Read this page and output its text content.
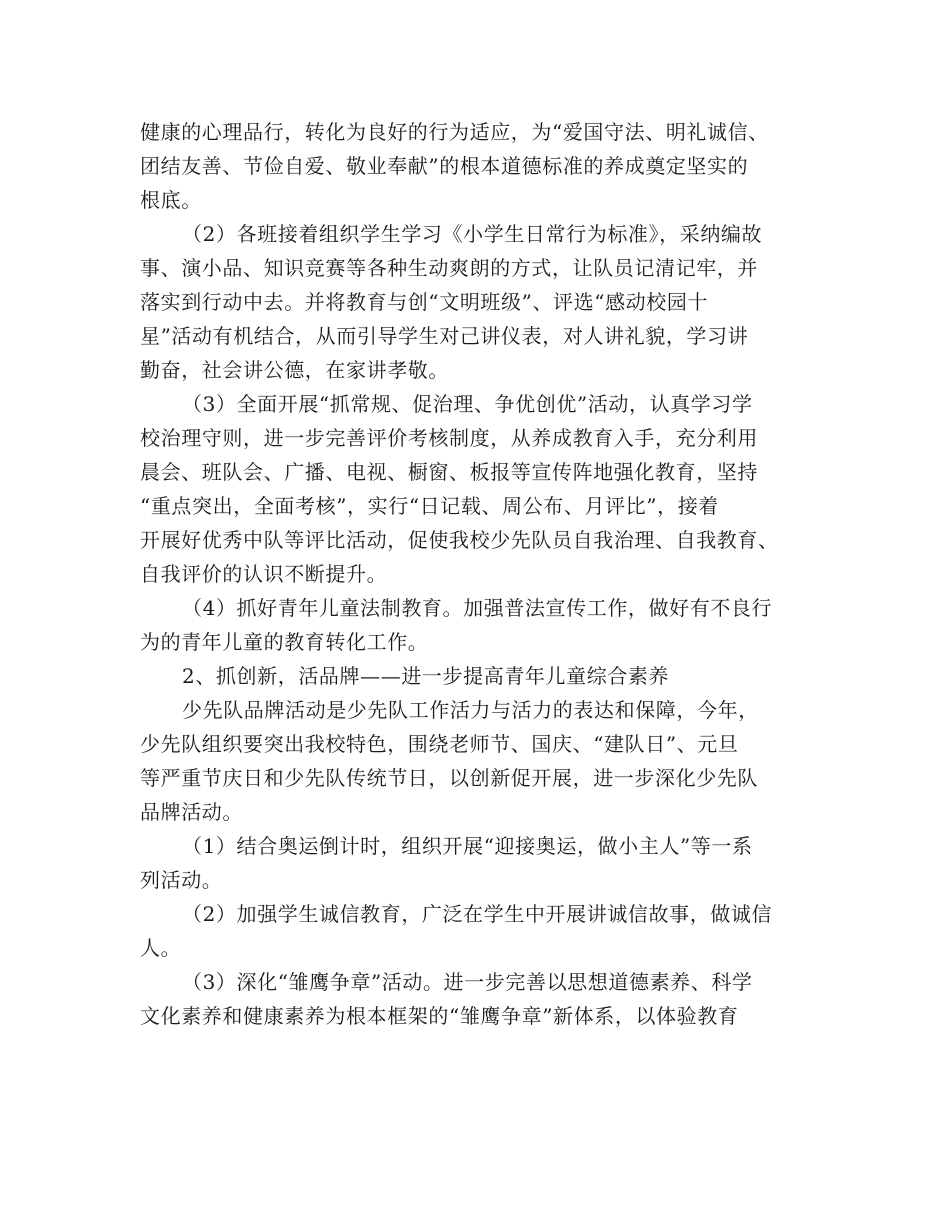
健康的心理品行，转化为良好的行为适应，为“爱国守法、明礼诚信、

团结友善、节俭自爱、敬业奉献”的根本道德标准的养成奠定坚实的

根底。

（2）各班接着组织学生学习《小学生日常行为标准》，采纳编故

事、演小品、知识竞赛等各种生动爽朗的方式，让队员记清记牢，并

落实到行动中去。并将教育与创“文明班级”、评选“感动校园十

星”活动有机结合，从而引导学生对己讲仪表，对人讲礼貌，学习讲

勤奋，社会讲公德，在家讲孝敬。

（3）全面开展“抓常规、促治理、争优创优”活动，认真学习学

校治理守则，进一步完善评价考核制度，从养成教育入手，充分利用

晨会、班队会、广播、电视、橱窗、板报等宣传阵地强化教育，坚持

“重点突出，全面考核”，实行“日记载、周公布、月评比”，接着

开展好优秀中队等评比活动，促使我校少先队员自我治理、自我教育、

自我评价的认识不断提升。

（4）抓好青年儿童法制教育。加强普法宣传工作，做好有不良行

为的青年儿童的教育转化工作。

2、抓创新，活品牌——进一步提高青年儿童综合素养

少先队品牌活动是少先队工作活力与活力的表达和保障，今年，

少先队组织要突出我校特色，围绕老师节、国庆、“建队日”、元旦

等严重节庆日和少先队传统节日，以创新促开展，进一步深化少先队

品牌活动。

（1）结合奥运倒计时，组织开展“迎接奥运，做小主人”等一系

列活动。

（2）加强学生诚信教育，广泛在学生中开展讲诚信故事，做诚信

人。

（3）深化“雏鹰争章”活动。进一步完善以思想道德素养、科学

文化素养和健康素养为根本框架的“雏鹰争章”新体系，以体验教育
